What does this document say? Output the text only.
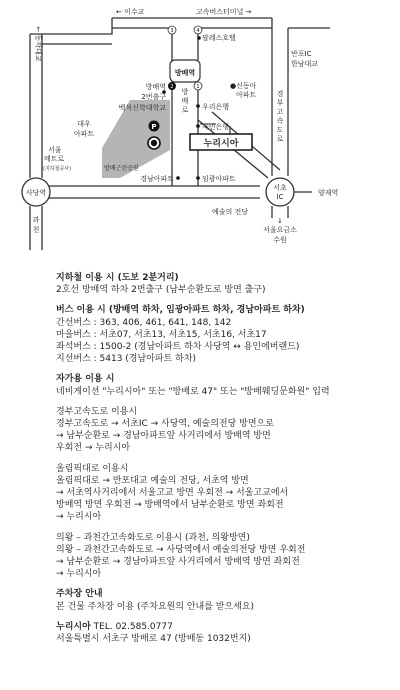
P
3	4
2	1
← 이수교	고속버스터미널 →
팔레스호텔
반포IC
한남대교
← 동작대교
방배역
방배역
2번출구
백석신학대학교
●신동아
아파트
방
배
로 우리은행
국민은행
대우
아파트
경
부
고
속
도
로
누리시아
서울
메트로
(지하철공사)	방배근린공원
경남아파트	임광아파트
사당역
서초
IC	양재역
과
천
예술의 전당
서울요금소
수원
↓
지하철 이용 시 (도보 2분거리)
2호선 방배역 하차 2번출구 (남부순환도로 방면 출구)
버스 이용 시 (방배역 하차, 임광아파트 하차, 경남아파트 하차)
간선버스 : 363, 406, 461, 641, 148, 142
마을버스 : 서초07, 서초13, 서초15, 서초16, 서초17
좌석버스 : 1500-2 (경남아파트 하차 사당역 ↔ 용인에버랜드)
지선버스 : 5413 (경남아파트 하차)
자가용 이용 시
네비게이션 "누리시아" 또는 "방배로 47" 또는 "방배웨딩문화원" 입력
경부고속도로 이용시
경부고속도로 → 서초IC → 사당역, 예술의전당 방면으로
→ 남부순환로 → 경남아파트앞 사거리에서 방배역 방면
우회전 → 누리시아
올림픽대로 이용시
올림픽대로 → 반포대교 예술의 전당, 서초역 방면
→ 서초역사거리에서 서울고교 방면 우회전 → 서울고교에서
방배역 방면 우회전 → 방배역에서 남부순환로 방면 좌회전
→ 누리시아
의왕 – 과천간고속화도로 이용시 (과천, 의왕방면)
의왕 – 과천간고속화도로 → 사당역에서 예술의전당 방면 우회전
→ 남부순환로 → 경남아파트앞 사거리에서 방배역 방면 좌회전
→ 누리시아
주차장 안내
본 건물 주차장 이용 (주차요원의 안내를 받으세요)
누리시아 TEL. 02.585.0777
서울특별시 서초구 방배로 47 (방배동 1032번지)
